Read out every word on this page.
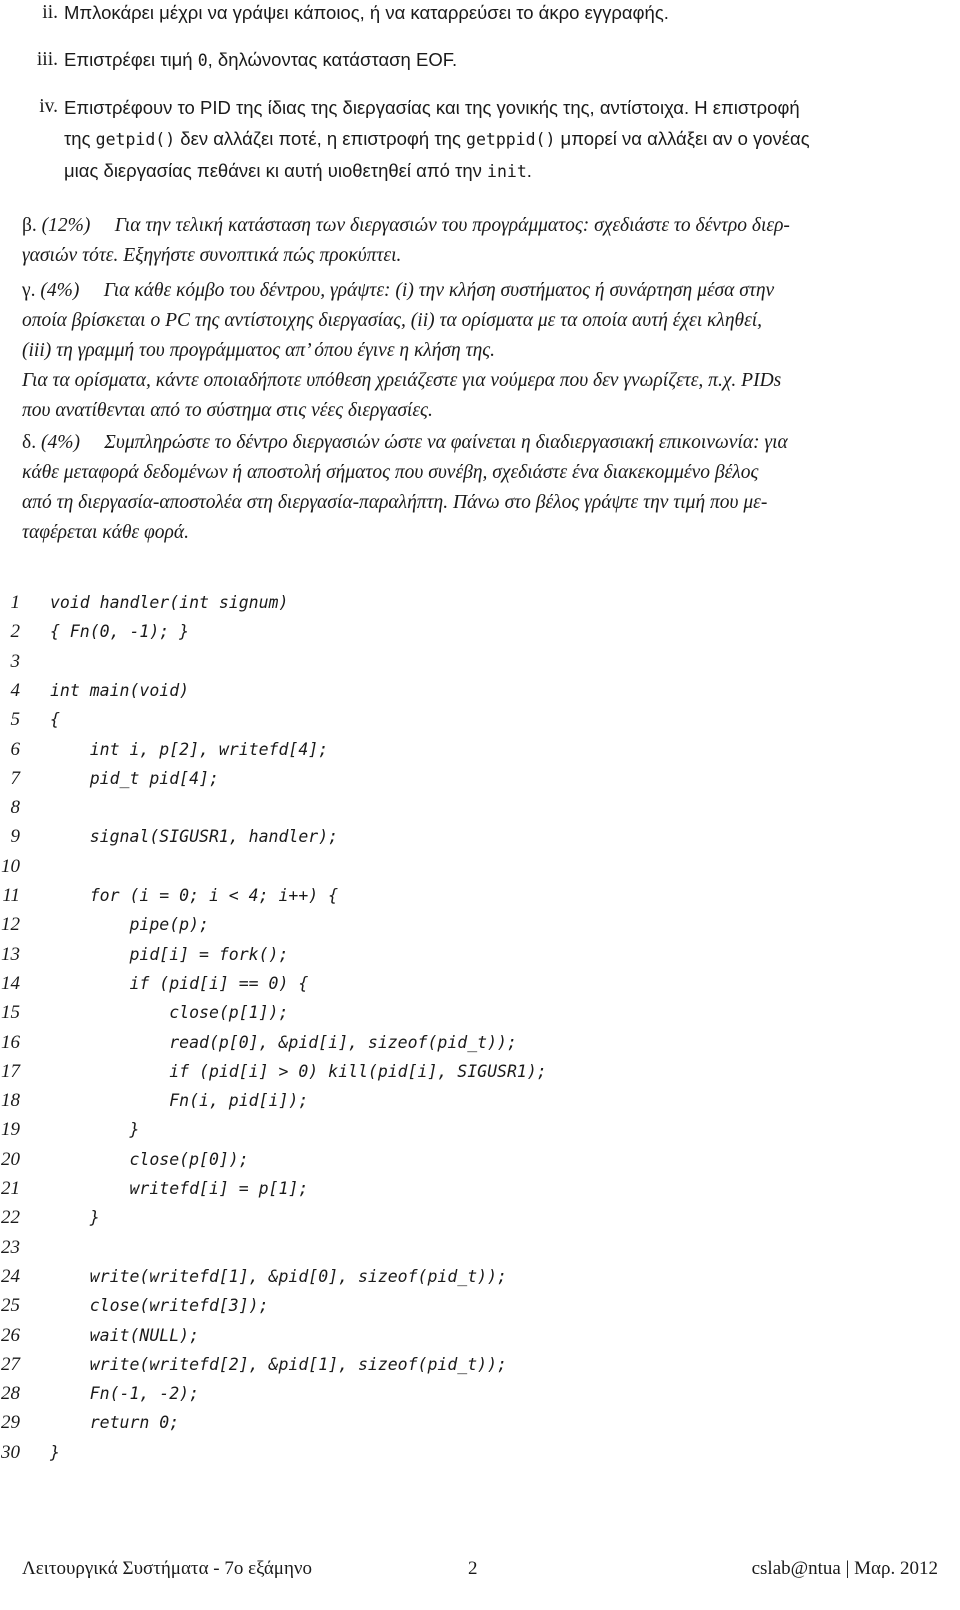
ii. Μπλοκάρει μέχρι να γράψει κάποιος, ή να καταρρεύσει το άκρο εγγραφής.
iii. Επιστρέφει τιμή 0, δηλώνοντας κατάσταση EOF.
iv. Επιστρέφουν το PID της ίδιας της διεργασίας και της γονικής της, αντίστοιχα. Η επιστροφή
της getpid() δεν αλλάζει ποτέ, η επιστροφή της getppid() μπορεί να αλλάξει αν ο γονέας
μιας διεργασίας πεθάνει κι αυτή υιοθετηθεί από την init.
β. (12%)  Για την τελική κατάσταση των διεργασιών του προγράμματος: σχεδιάστε το δέντρο διερ-
γασιών τότε. Εξηγήστε συνοπτικά πώς προκύπτει.
γ. (4%)  Για κάθε κόμβο του δέντρου, γράψτε: (i) την κλήση συστήματος ή συνάρτηση μέσα στην
οποία βρίσκεται ο PC της αντίστοιχης διεργασίας, (ii) τα ορίσματα με τα οποία αυτή έχει κληθεί,
(iii) τη γραμμή του προγράμματος απ’ όπου έγινε η κλήση της.
Για τα ορίσματα, κάντε οποιαδήποτε υπόθεση χρειάζεστε για νούμερα που δεν γνωρίζετε, π.χ. PIDs
που ανατίθενται από το σύστημα στις νέες διεργασίες.
δ. (4%)  Συμπληρώστε το δέντρο διεργασιών ώστε να φαίνεται η διαδιεργασιακή επικοινωνία: για
κάθε μεταφορά δεδομένων ή αποστολή σήματος που συνέβη, σχεδιάστε ένα διακεκομμένο βέλος
από τη διεργασία-αποστολέα στη διεργασία-παραλήπτη. Πάνω στο βέλος γράψτε την τιμή που με-
ταφέρεται κάθε φορά.
1 void handler(int signum)
2 { Fn(0, -1); }
3
4 int main(void)
5 {
6 int i, p[2], writefd[4];
7 pid_t pid[4];
8
9 signal(SIGUSR1, handler);
10
11 for (i = 0; i < 4; i++) {
12 pipe(p);
13 pid[i] = fork();
14 if (pid[i] == 0) {
15 close(p[1]);
16 read(p[0], &pid[i], sizeof(pid_t));
17 if (pid[i] > 0) kill(pid[i], SIGUSR1);
18 Fn(i, pid[i]);
19 }
20 close(p[0]);
21 writefd[i] = p[1];
22 }
23
24 write(writefd[1], &pid[0], sizeof(pid_t));
25 close(writefd[3]);
26 wait(NULL);
27 write(writefd[2], &pid[1], sizeof(pid_t));
28 Fn(-1, -2);
29 return 0;
30 }
Λειτουργικά Συστήματα - 7ο εξάμηνο	2	cslab@ntua | Μαρ. 2012
